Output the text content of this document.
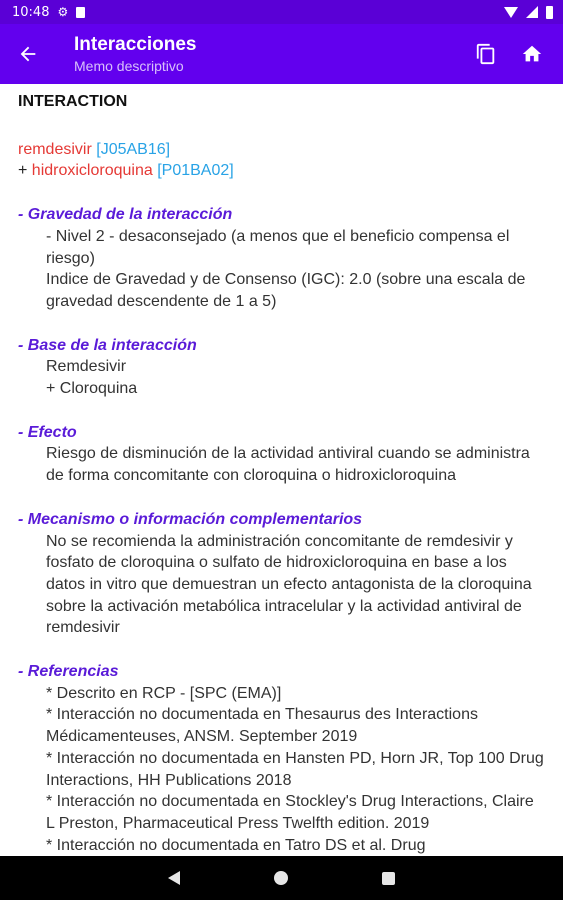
10:48 ⚙
Interacciones
Memo descriptivo
INTERACTION
remdesivir [J05AB16]
+ hidroxicloroquina [P01BA02]
- Gravedad de la interacción
- Nivel 2 - desaconsejado (a menos que el beneficio compensa el riesgo)
Indice de Gravedad y de Consenso (IGC): 2.0 (sobre una escala de gravedad descendente de 1 a 5)
- Base de la interacción
Remdesivir
+ Cloroquina
- Efecto
Riesgo de disminución de la actividad antiviral cuando se administra de forma concomitante con cloroquina o hidroxicloroquina
- Mecanismo o información complementarios
No se recomienda la administración concomitante de remdesivir y fosfato de cloroquina o sulfato de hidroxicloroquina en base a los datos in vitro que demuestran un efecto antagonista de la cloroquina sobre la activación metabólica intracelular y la actividad antiviral de remdesivir
- Referencias
* Descrito en RCP - [SPC (EMA)]
* Interacción no documentada en Thesaurus des Interactions Médicamenteuses, ANSM. September 2019
* Interacción no documentada en Hansten PD, Horn JR, Top 100 Drug Interactions, HH Publications 2018
* Interacción no documentada en Stockley's Drug Interactions, Claire L Preston, Pharmaceutical Press Twelfth edition. 2019
* Interacción no documentada en Tatro DS et al. Drug
